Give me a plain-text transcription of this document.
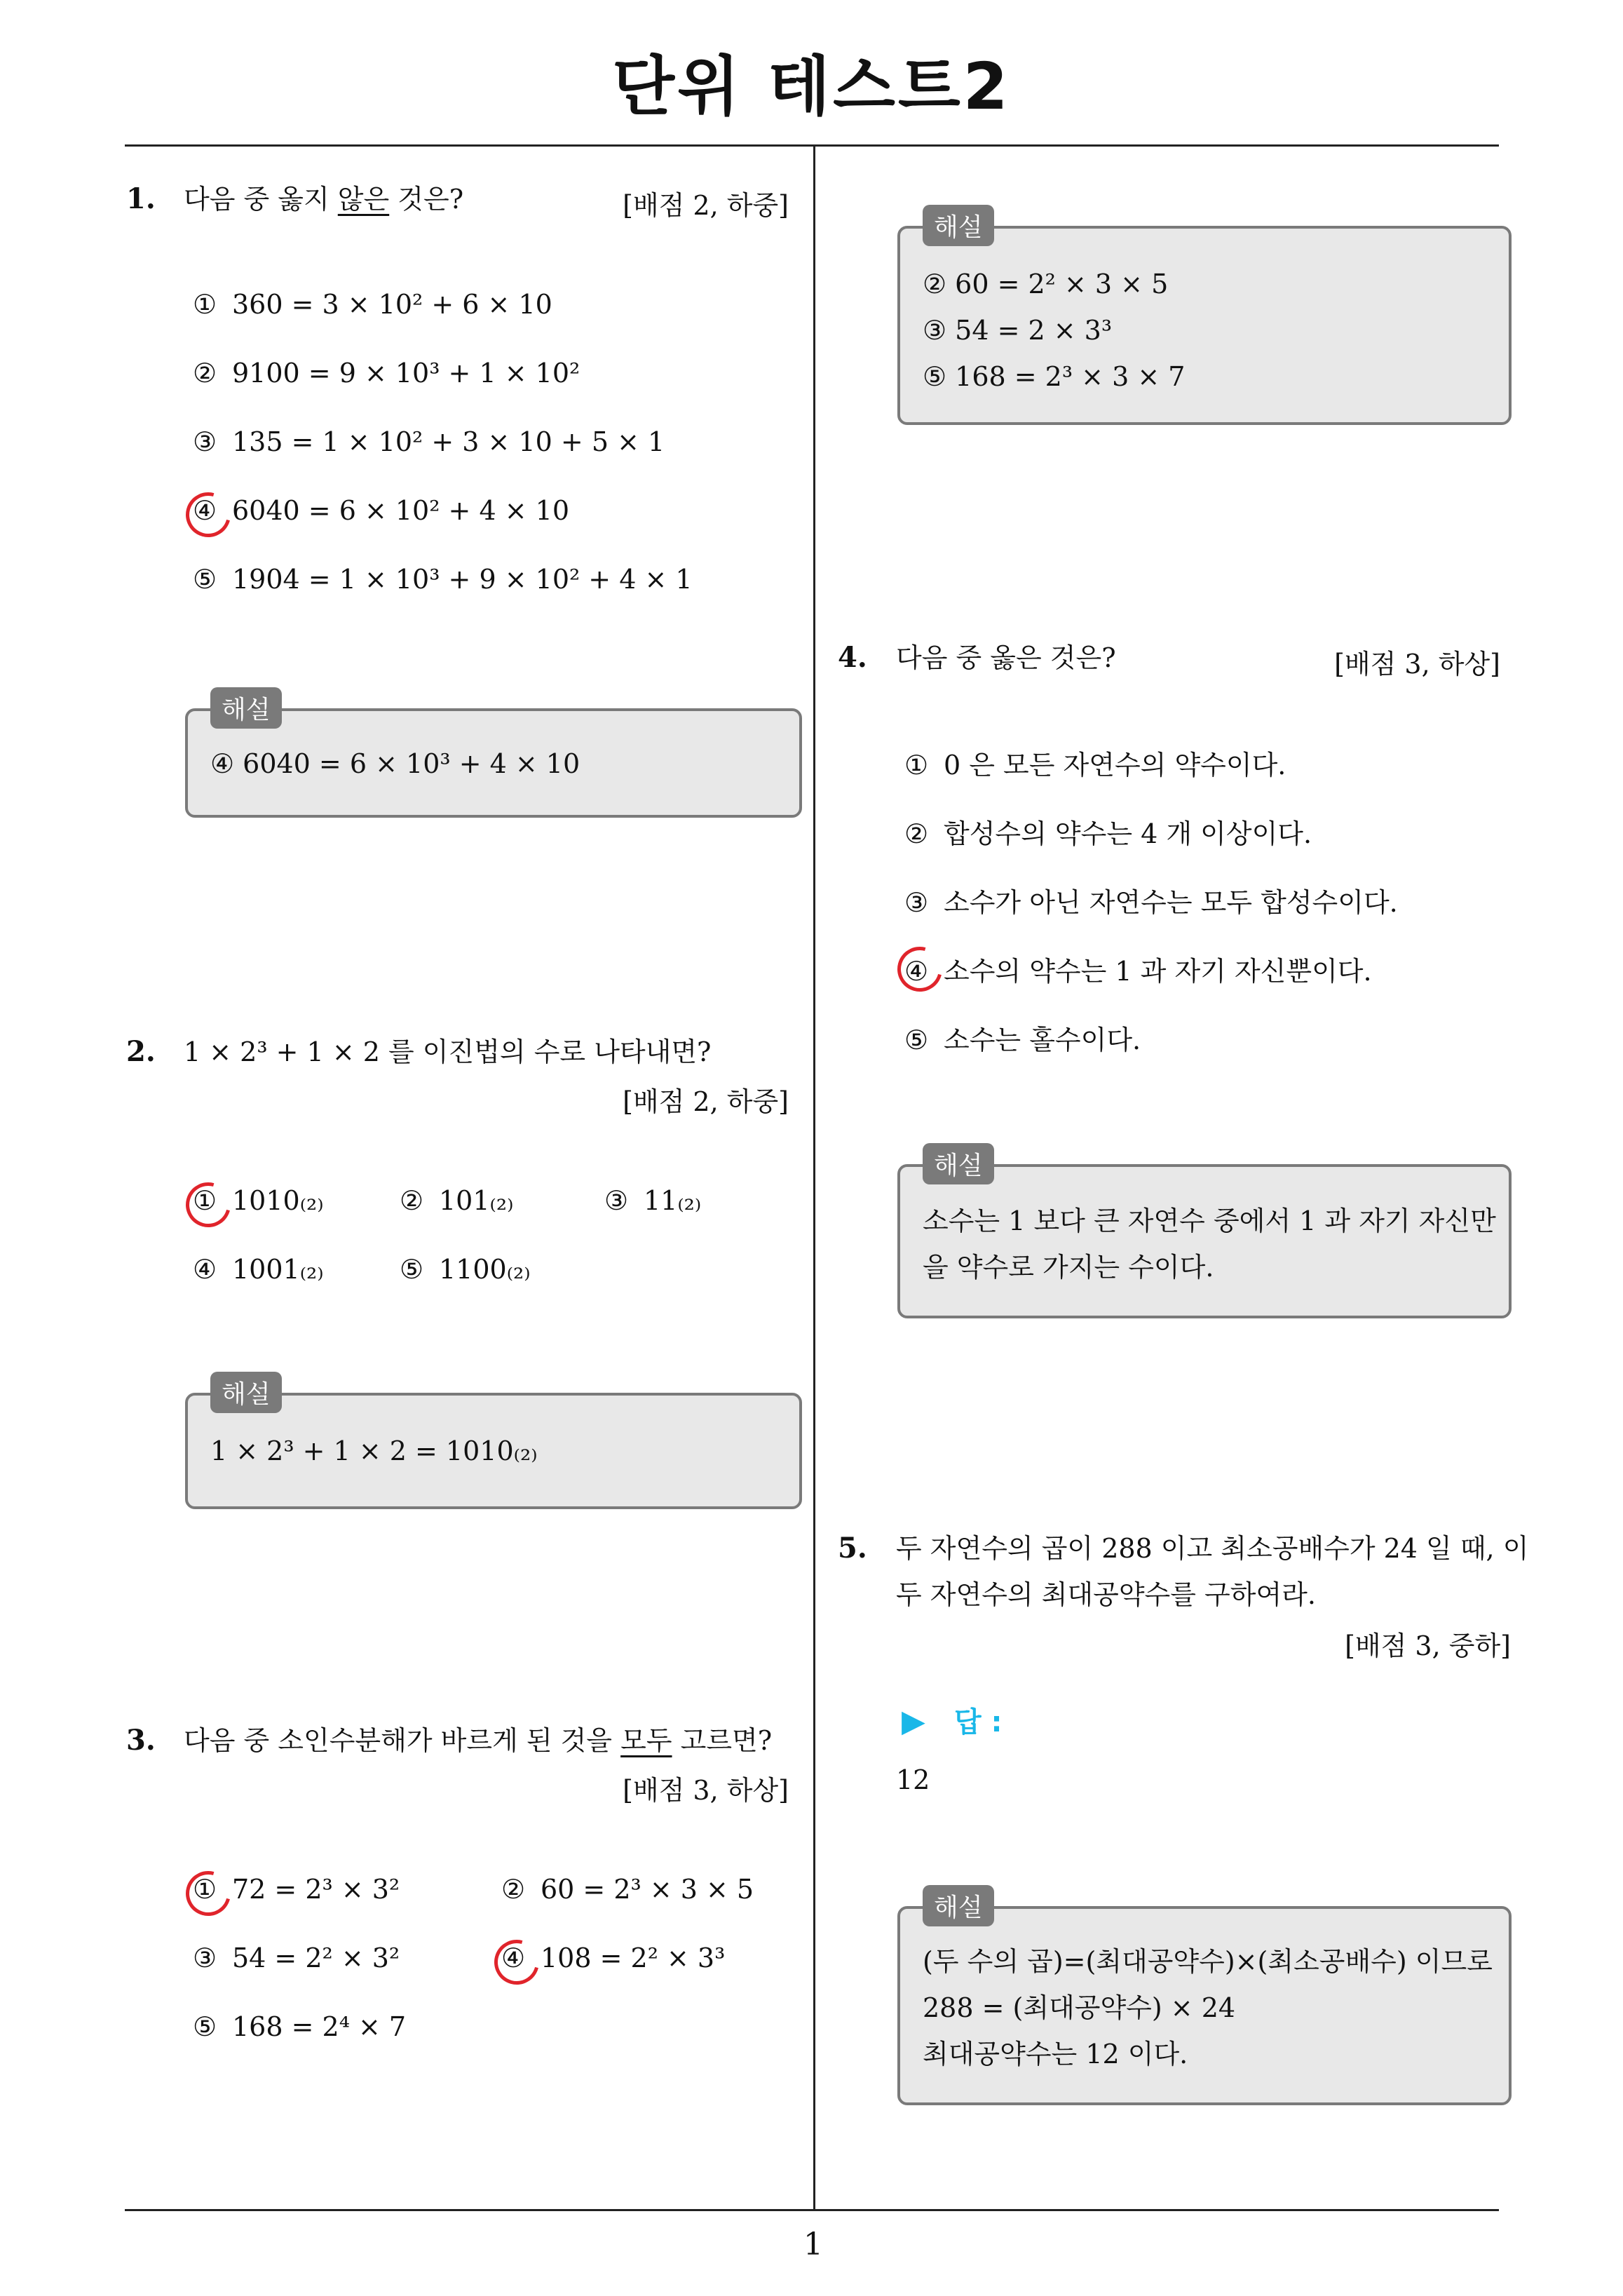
단위 테스트2
1
1. 다음 중 옳지 않은 것은?	[배점 2, 하중]
① 360 = 3 × 10² + 6 × 10
② 9100 = 9 × 10³ + 1 × 10²
③ 135 = 1 × 10² + 3 × 10 + 5 × 1
④ 6040 = 6 × 10² + 4 × 10
⑤ 1904 = 1 × 10³ + 9 × 10² + 4 × 1
④ 6040 = 6 × 10³ + 4 × 10
해설
2. 1 × 2³ + 1 × 2 를 이진법의 수로 나타내면?
[배점 2, 하중]
① 1010₍₂₎	② 101₍₂₎	③ 11₍₂₎
④ 1001₍₂₎	⑤ 1100₍₂₎
1 × 2³ + 1 × 2 = 1010₍₂₎
해설
3. 다음 중 소인수분해가 바르게 된 것을 모두 고르면?
[배점 3, 하상]
① 72 = 2³ × 3²	② 60 = 2³ × 3 × 5
③ 54 = 2² × 3²	④ 108 = 2² × 3³
⑤ 168 = 2⁴ × 7
② 60 = 2² × 3 × 5
③ 54 = 2 × 3³
⑤ 168 = 2³ × 3 × 7
해설
4. 다음 중 옳은 것은?	[배점 3, 하상]
① 0 은 모든 자연수의 약수이다.
② 합성수의 약수는 4 개 이상이다.
③ 소수가 아닌 자연수는 모두 합성수이다.
④ 소수의 약수는 1 과 자기 자신뿐이다.
⑤ 소수는 홀수이다.
소수는 1 보다 큰 자연수 중에서 1 과 자기 자신만
을 약수로 가지는 수이다.
해설
5. 두 자연수의 곱이 288 이고 최소공배수가 24 일 때, 이
두 자연수의 최대공약수를 구하여라.
[배점 3, 중하]
▶ 답 :
12
(두 수의 곱)=(최대공약수)×(최소공배수) 이므로
288 = (최대공약수) × 24
최대공약수는 12 이다.
해설
